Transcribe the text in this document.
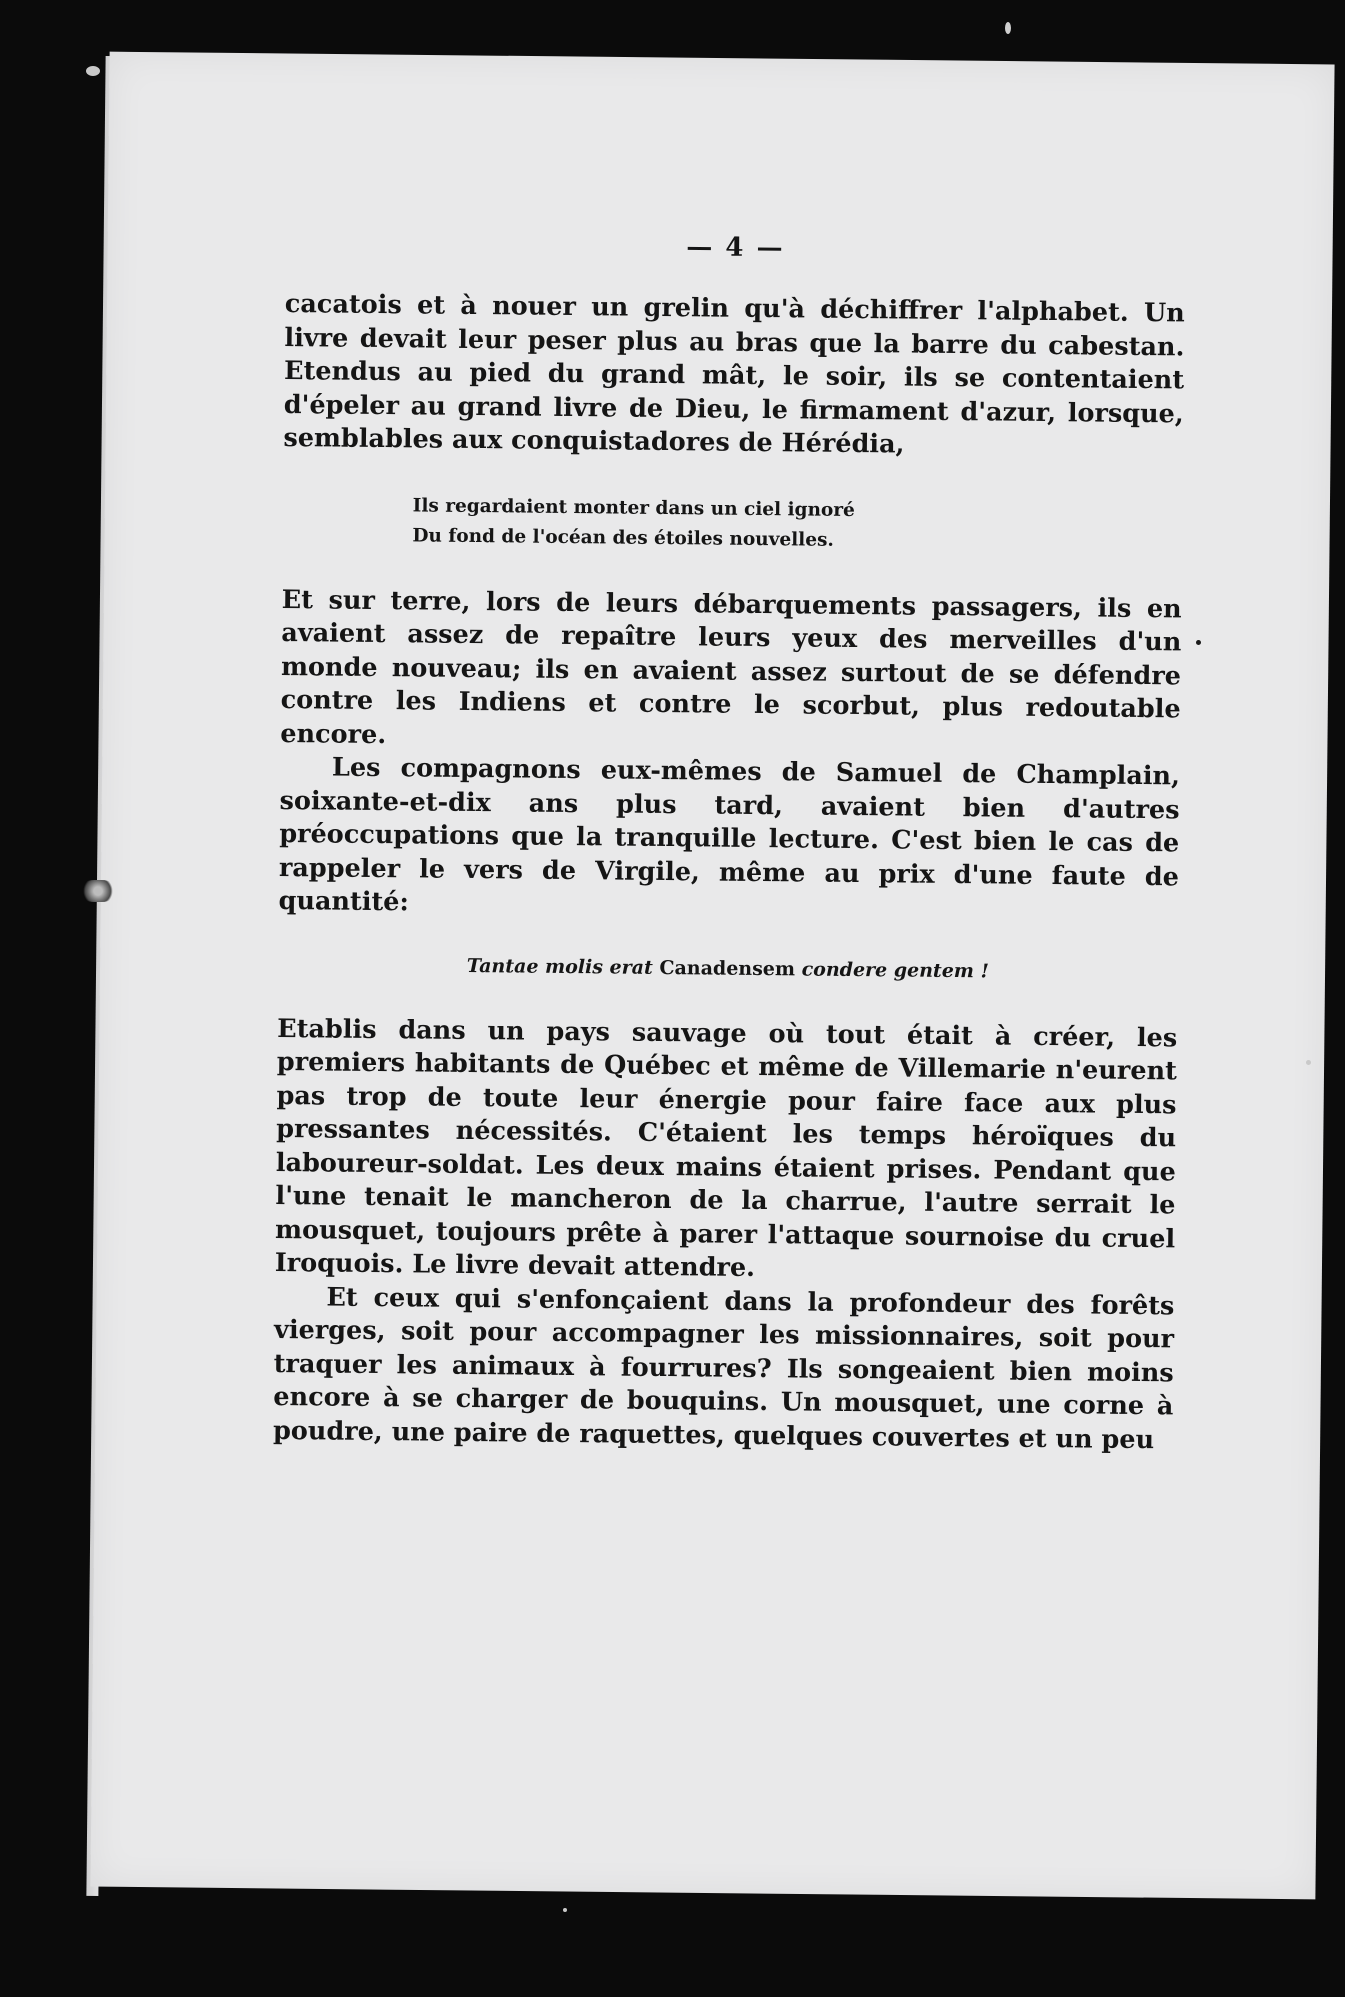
— 4 —

cacatois et à nouer un grelin qu'à déchiffrer l'alphabet. Un livre devait leur peser plus au bras que la barre du cabestan. Etendus au pied du grand mât, le soir, ils se contentaient d'épeler au grand livre de Dieu, le firmament d'azur, lorsque, semblables aux conquistadores de Hérédia,

Ils regardaient monter dans un ciel ignoré
Du fond de l'océan des étoiles nouvelles.

Et sur terre, lors de leurs débarquements passagers, ils en avaient assez de repaître leurs yeux des merveilles d'un monde nouveau; ils en avaient assez surtout de se défendre contre les Indiens et contre le scorbut, plus redoutable encore.

Les compagnons eux-mêmes de Samuel de Champlain, soixante-et-dix ans plus tard, avaient bien d'autres préoccupations que la tranquille lecture. C'est bien le cas de rappeler le vers de Virgile, même au prix d'une faute de quantité:

Tantae molis erat Canadensem condere gentem !

Etablis dans un pays sauvage où tout était à créer, les premiers habitants de Québec et même de Villemarie n'eurent pas trop de toute leur énergie pour faire face aux plus pressantes nécessités. C'étaient les temps héroïques du laboureur-soldat. Les deux mains étaient prises. Pendant que l'une tenait le mancheron de la charrue, l'autre serrait le mousquet, toujours prête à parer l'attaque sournoise du cruel Iroquois. Le livre devait attendre.

Et ceux qui s'enfonçaient dans la profondeur des forêts vierges, soit pour accompagner les missionnaires, soit pour traquer les animaux à fourrures? Ils songeaient bien moins encore à se charger de bouquins. Un mousquet, une corne à poudre, une paire de raquettes, quelques couvertes et un peu
